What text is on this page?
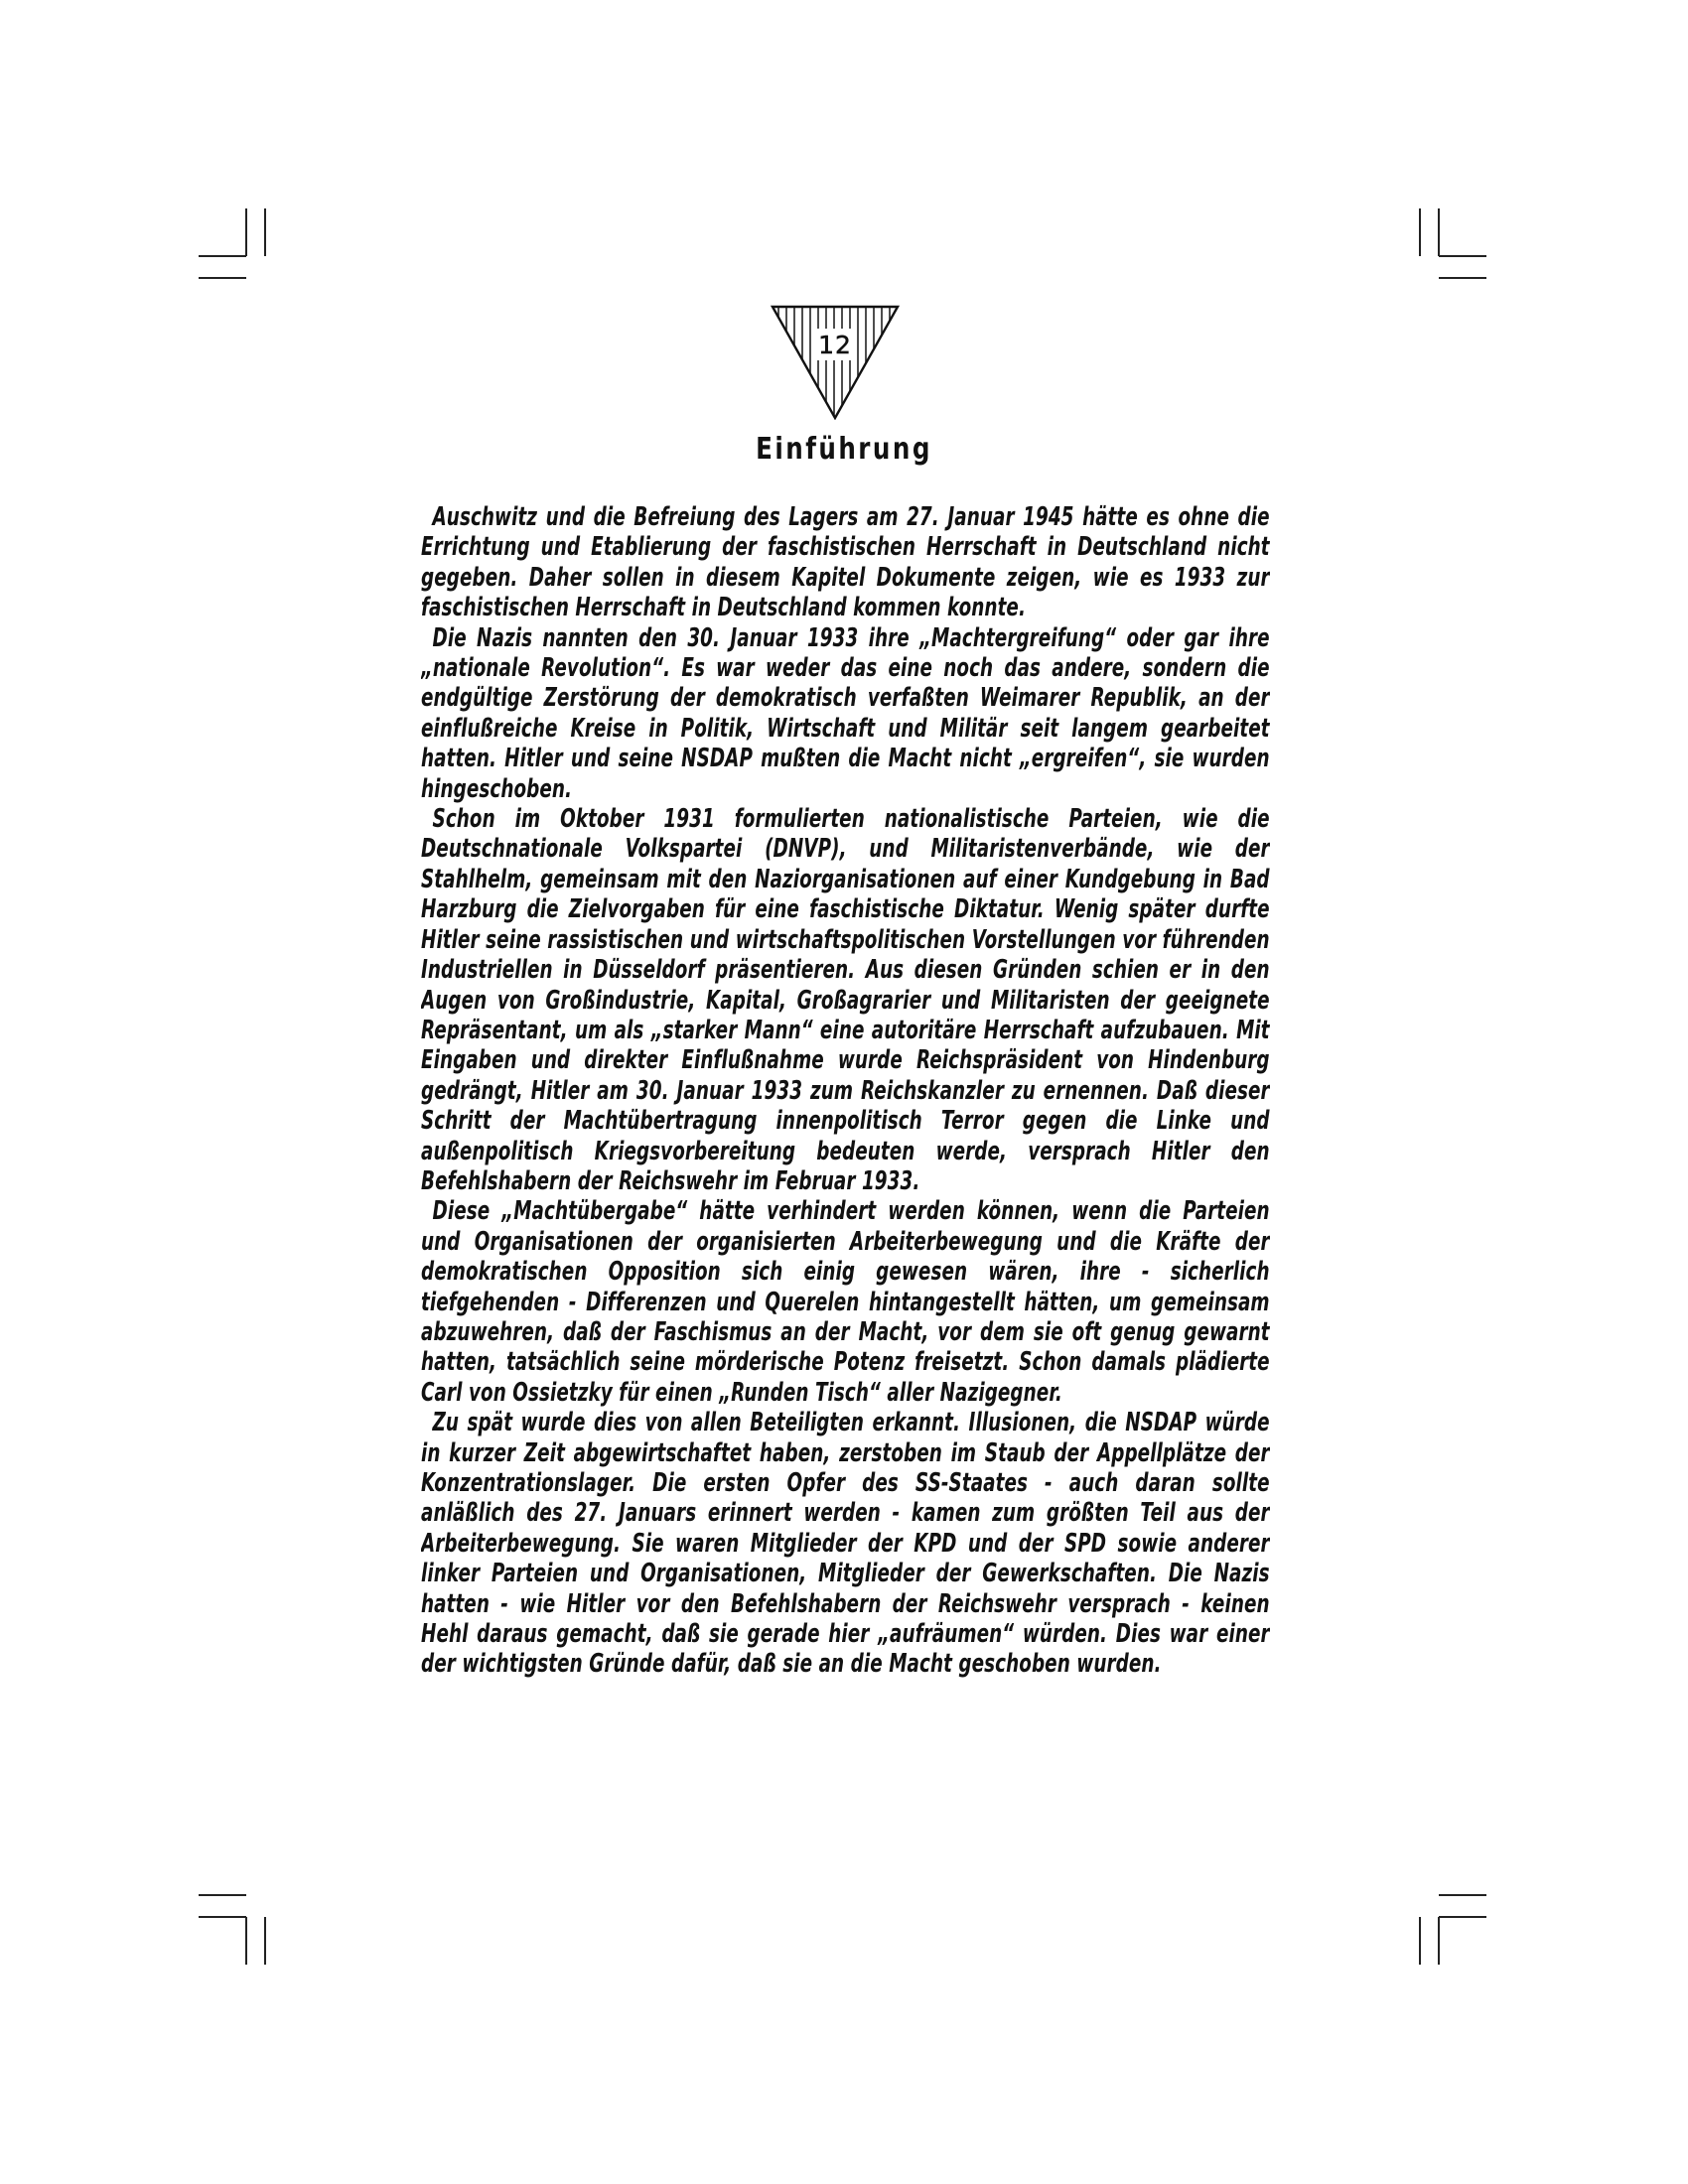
12
Einführung

Auschwitz und die Befreiung des Lagers am 27. Januar 1945 hätte es ohne die Errichtung und Etablierung der faschistischen Herrschaft in Deutschland nicht gegeben. Daher sollen in diesem Kapitel Dokumente zeigen, wie es 1933 zur faschistischen Herrschaft in Deutschland kommen konnte.

Die Nazis nannten den 30. Januar 1933 ihre „Machtergreifung“ oder gar ihre „nationale Revolution“. Es war weder das eine noch das andere, sondern die endgültige Zerstörung der demokratisch verfaßten Weimarer Republik, an der einflußreiche Kreise in Politik, Wirtschaft und Militär seit langem gearbeitet hatten. Hitler und seine NSDAP mußten die Macht nicht „ergreifen“, sie wurden hingeschoben.

Schon im Oktober 1931 formulierten nationalistische Parteien, wie die Deutschnationale Volkspartei (DNVP), und Militaristenverbände, wie der Stahlhelm, gemeinsam mit den Naziorganisationen auf einer Kundgebung in Bad Harzburg die Zielvorgaben für eine faschistische Diktatur. Wenig später durfte Hitler seine rassistischen und wirtschaftspolitischen Vorstellungen vor führenden Industriellen in Düsseldorf präsentieren. Aus diesen Gründen schien er in den Augen von Großindustrie, Kapital, Großagrarier und Militaristen der geeignete Repräsentant, um als „starker Mann“ eine autoritäre Herrschaft aufzubauen. Mit Eingaben und direkter Einflußnahme wurde Reichspräsident von Hindenburg gedrängt, Hitler am 30. Januar 1933 zum Reichskanzler zu ernennen. Daß dieser Schritt der Machtübertragung innenpolitisch Terror gegen die Linke und außenpolitisch Kriegsvorbereitung bedeuten werde, versprach Hitler den Befehlshabern der Reichswehr im Februar 1933.

Diese „Machtübergabe“ hätte verhindert werden können, wenn die Parteien und Organisationen der organisierten Arbeiterbewegung und die Kräfte der demokratischen Opposition sich einig gewesen wären, ihre - sicherlich tiefgehenden - Differenzen und Querelen hintangestellt hätten, um gemeinsam abzuwehren, daß der Faschismus an der Macht, vor dem sie oft genug gewarnt hatten, tatsächlich seine mörderische Potenz freisetzt. Schon damals plädierte Carl von Ossietzky für einen „Runden Tisch“ aller Nazigegner.

Zu spät wurde dies von allen Beteiligten erkannt. Illusionen, die NSDAP würde in kurzer Zeit abgewirtschaftet haben, zerstoben im Staub der Appellplätze der Konzentrationslager. Die ersten Opfer des SS-Staates - auch daran sollte anläßlich des 27. Januars erinnert werden - kamen zum größten Teil aus der Arbeiterbewegung. Sie waren Mitglieder der KPD und der SPD sowie anderer linker Parteien und Organisationen, Mitglieder der Gewerkschaften. Die Nazis hatten - wie Hitler vor den Befehlshabern der Reichswehr versprach - keinen Hehl daraus gemacht, daß sie gerade hier „aufräumen“ würden. Dies war einer der wichtigsten Gründe dafür, daß sie an die Macht geschoben wurden.
